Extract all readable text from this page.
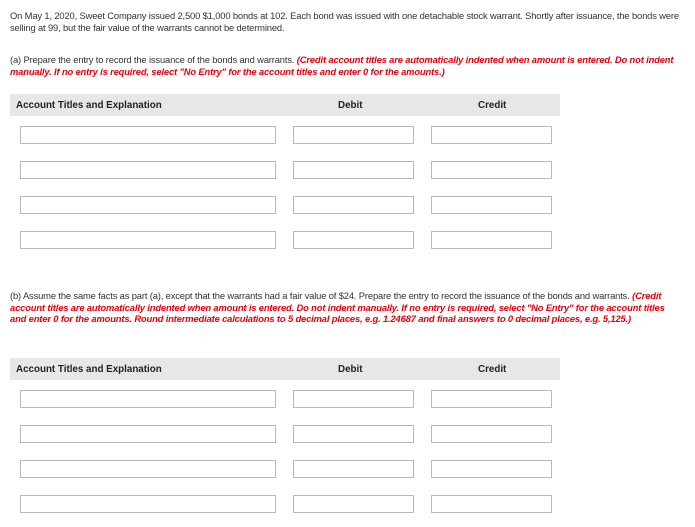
On May 1, 2020, Sweet Company issued 2,500 $1,000 bonds at 102. Each bond was issued with one detachable stock warrant. Shortly after issuance, the bonds were selling at 99, but the fair value of the warrants cannot be determined.
(a) Prepare the entry to record the issuance of the bonds and warrants. (Credit account titles are automatically indented when amount is entered. Do not indent manually. If no entry is required, select "No Entry" for the account titles and enter 0 for the amounts.)
Account Titles and Explanation	Debit	Credit
(b) Assume the same facts as part (a), except that the warrants had a fair value of $24. Prepare the entry to record the issuance of the bonds and warrants. (Credit account titles are automatically indented when amount is entered. Do not indent manually. If no entry is required, select "No Entry" for the account titles and enter 0 for the amounts. Round intermediate calculations to 5 decimal places, e.g. 1.24687 and final answers to 0 decimal places, e.g. 5,125.)
Account Titles and Explanation	Debit	Credit
